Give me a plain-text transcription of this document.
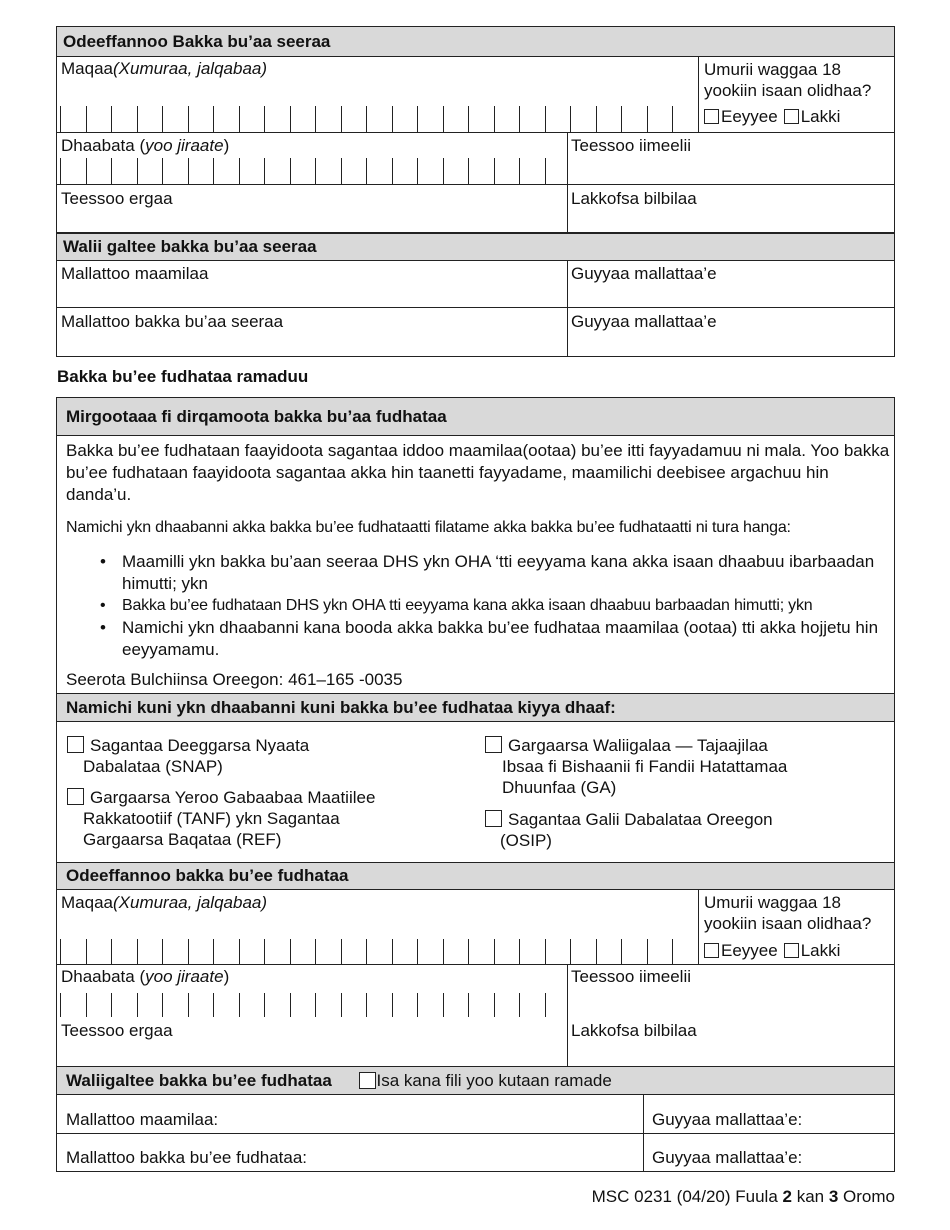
Odeeffannoo Bakka bu’aa seeraa
Maqaa(Xumuraa, jalqabaa)	Umurii waggaa 18
yookiin isaan olidhaa?
Eeyyee Lakki
Dhaabata (yoo jiraate)	Teessoo iimeelii
Teessoo ergaa	Lakkofsa bilbilaa
Walii galtee bakka bu’aa seeraa
Mallattoo maamilaa	Guyyaa mallattaa’e
Mallattoo bakka bu’aa seeraa	Guyyaa mallattaa’e
Bakka bu’ee fudhataa ramaduu
Mirgootaaa fi dirqamoota bakka bu’aa fudhataa
Bakka bu’ee fudhataan faayidoota sagantaa iddoo maamilaa(ootaa) bu’ee itti fayyadamuu ni mala. Yoo bakka bu’ee fudhataan faayidoota sagantaa akka hin taanetti fayyadame, maamilichi deebisee argachuu hin danda’u.
Namichi ykn dhaabanni akka bakka bu’ee fudhataatti filatame akka bakka bu’ee fudhataatti ni tura hanga:
• Maamilli ykn bakka bu’aan seeraa DHS ykn OHA ‘tti eeyyama kana akka isaan dhaabuu ibarbaadan himutti; ykn
• Bakka bu’ee fudhataan DHS ykn OHA tti eeyyama kana akka isaan dhaabuu barbaadan himutti; ykn
• Namichi ykn dhaabanni kana booda akka bakka bu’ee fudhataa maamilaa (ootaa) tti akka hojjetu hin eeyyamamu.
Seerota Bulchiinsa Oreegon: 461–165 -0035
Namichi kuni ykn dhaabanni kuni bakka bu’ee fudhataa kiyya dhaaf:
Sagantaa Deeggarsa Nyaata
Dabalataa (SNAP)
Gargaarsa Yeroo Gabaabaa Maatiilee
Rakkatootiif (TANF) ykn Sagantaa
Gargaarsa Baqataa (REF)
Gargaarsa Waliigalaa — Tajaajilaa
Ibsaa fi Bishaanii fi Fandii Hatattamaa
Dhuunfaa (GA)
Sagantaa Galii Dabalataa Oreegon
(OSIP)
Odeeffannoo bakka bu’ee fudhataa
Maqaa(Xumuraa, jalqabaa)	Umurii waggaa 18
yookiin isaan olidhaa?
Eeyyee Lakki
Dhaabata (yoo jiraate)	Teessoo iimeelii
Teessoo ergaa	Lakkofsa bilbilaa
Waliigaltee bakka bu’ee fudhataa	Isa kana fili yoo kutaan ramade
Mallattoo maamilaa:	Guyyaa mallattaa’e:
Mallattoo bakka bu’ee fudhataa:	Guyyaa mallattaa’e:
MSC 0231 (04/20) Fuula 2 kan 3 Oromo
